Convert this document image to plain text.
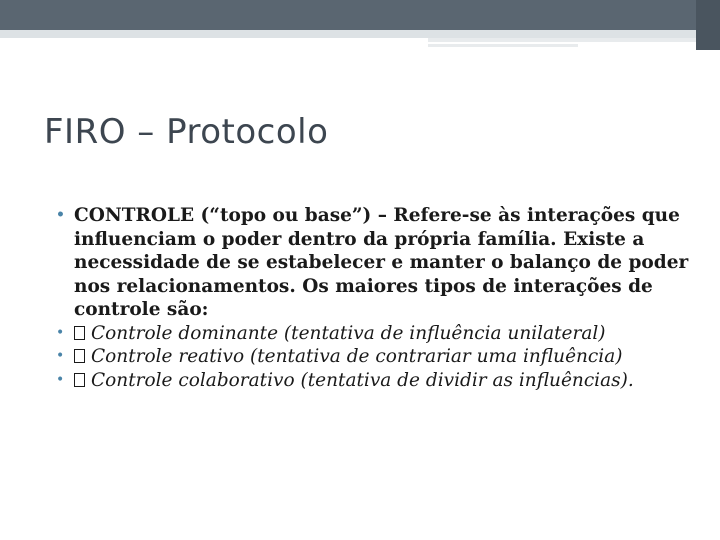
FIRO – Protocolo
• CONTROLE (“topo ou base”) – Refere-se às interações que influenciam o poder dentro da própria família. Existe a necessidade de se estabelecer e manter o balanço de poder nos relacionamentos. Os maiores tipos de interações de controle são:
• Controle dominante (tentativa de influência unilateral)
• Controle reativo (tentativa de contrariar uma influência)
• Controle colaborativo (tentativa de dividir as influências).
